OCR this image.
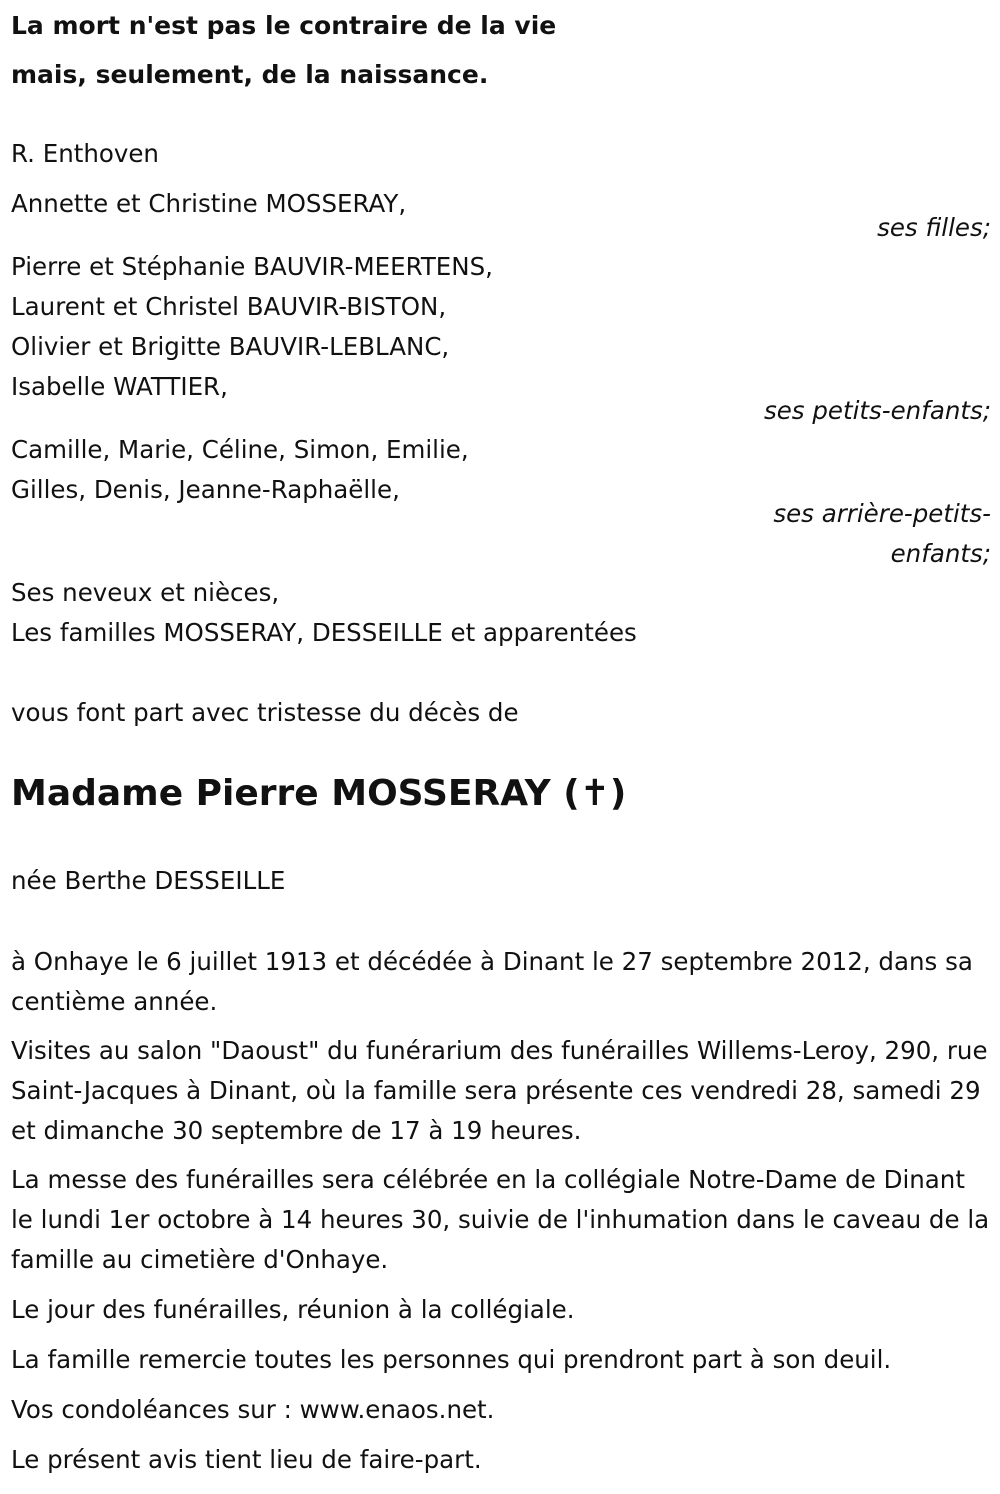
La mort n'est pas le contraire de la vie
mais, seulement, de la naissance.
R. Enthoven
Annette et Christine MOSSERAY,
ses filles;
Pierre et Stéphanie BAUVIR-MEERTENS,
Laurent et Christel BAUVIR-BISTON,
Olivier et Brigitte BAUVIR-LEBLANC,
Isabelle WATTIER,
ses petits-enfants;
Camille, Marie, Céline, Simon, Emilie,
Gilles, Denis, Jeanne-Raphaëlle,
ses arrière-petits-
enfants;
Ses neveux et nièces,
Les familles MOSSERAY, DESSEILLE et apparentées
vous font part avec tristesse du décès de
Madame Pierre MOSSERAY (✝)
née Berthe DESSEILLE
à Onhaye le 6 juillet 1913 et décédée à Dinant le 27 septembre 2012, dans sa centième année.
Visites au salon "Daoust" du funérarium des funérailles Willems-Leroy, 290, rue Saint-Jacques à Dinant, où la famille sera présente ces vendredi 28, samedi 29 et dimanche 30 septembre de 17 à 19 heures.
La messe des funérailles sera célébrée en la collégiale Notre-Dame de Dinant le lundi 1er octobre à 14 heures 30, suivie de l'inhumation dans le caveau de la famille au cimetière d'Onhaye.
Le jour des funérailles, réunion à la collégiale.
La famille remercie toutes les personnes qui prendront part à son deuil.
Vos condoléances sur : www.enaos.net.
Le présent avis tient lieu de faire-part.
